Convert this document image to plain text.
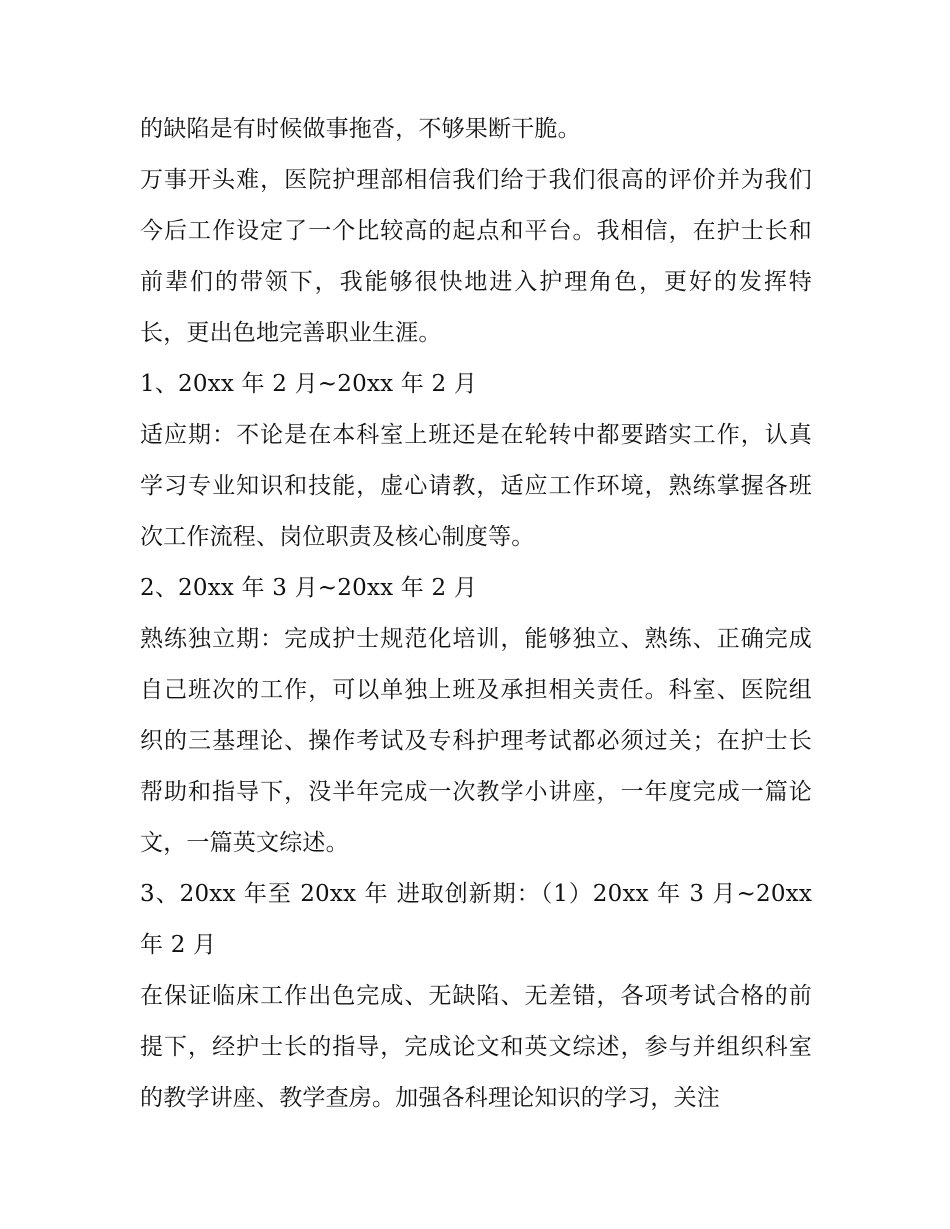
的缺陷是有时候做事拖沓，不够果断干脆。

万事开头难，医院护理部相信我们给于我们很高的评价并为我们今后工作设定了一个比较高的起点和平台。我相信，在护士长和前辈们的带领下，我能够很快地进入护理角色，更好的发挥特长，更出色地完善职业生涯。

1、20xx 年 2 月~20xx 年 2 月

适应期：不论是在本科室上班还是在轮转中都要踏实工作，认真学习专业知识和技能，虚心请教，适应工作环境，熟练掌握各班次工作流程、岗位职责及核心制度等。

2、20xx 年 3 月~20xx 年 2 月

熟练独立期：完成护士规范化培训，能够独立、熟练、正确完成自己班次的工作，可以单独上班及承担相关责任。科室、医院组织的三基理论、操作考试及专科护理考试都必须过关；在护士长帮助和指导下，没半年完成一次教学小讲座，一年度完成一篇论文，一篇英文综述。

3、20xx 年至 20xx 年 进取创新期：（1）20xx 年 3 月~20xx 年 2 月

在保证临床工作出色完成、无缺陷、无差错，各项考试合格的前提下，经护士长的指导，完成论文和英文综述，参与并组织科室的教学讲座、教学查房。加强各科理论知识的学习，关注
